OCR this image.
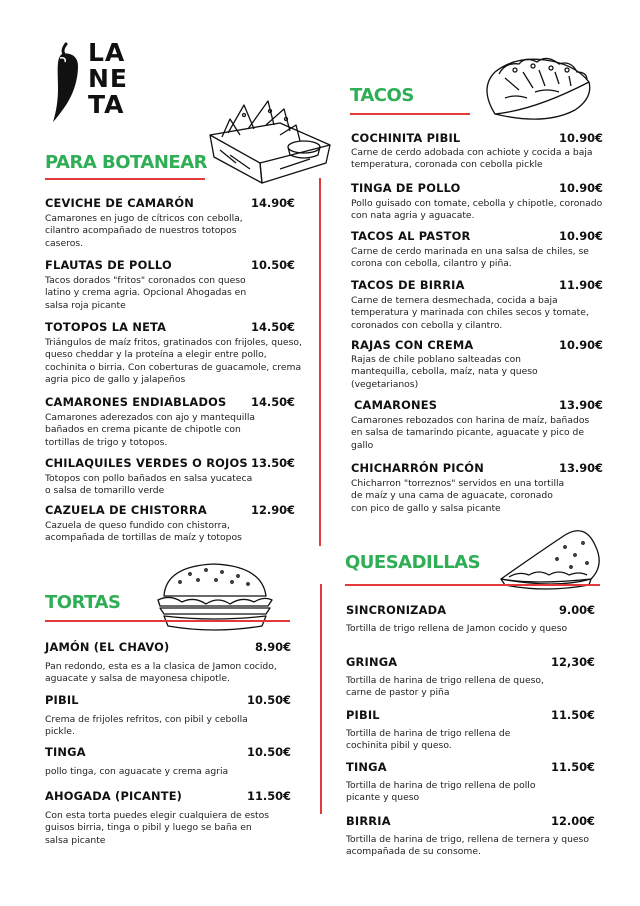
LA
NE
TA
PARA BOTANEAR
CEVICHE DE CAMARÓN	14.90€
Camarones en jugo de cítricos con cebolla, cilantro acompañado de nuestros totopos caseros.
FLAUTAS DE POLLO	10.50€
Tacos dorados "fritos" coronados con queso latino y crema agria. Opcional Ahogadas en salsa roja picante
TOTOPOS LA NETA	14.50€
Triángulos de maíz fritos, gratinados con frijoles, queso, queso cheddar y la proteína a elegir entre pollo, cochinita o birria. Con coberturas de guacamole, crema agria pico de gallo y jalapeños
CAMARONES ENDIABLADOS	14.50€
Camarones aderezados con ajo y mantequilla bañados en crema picante de chipotle con tortillas de trigo y totopos.
CHILAQUILES VERDES O ROJOS 13.50€
Totopos con pollo bañados en salsa yucateca o salsa de tomarillo verde
CAZUELA DE CHISTORRA	12.90€
Cazuela de queso fundido con chistorra, acompañada de tortillas de maíz y totopos
TORTAS
JAMÓN (EL CHAVO)	8.90€
Pan redondo, esta es a la clasica de Jamon cocido, aguacate y salsa de mayonesa chipotle.
PIBIL	10.50€
Crema de frijoles refritos, con pibil y cebolla pickle.
TINGA	10.50€
pollo tinga, con aguacate y crema agria
AHOGADA (PICANTE)	11.50€
Con esta torta puedes elegir cualquiera de estos guisos birria, tinga o pibil y luego se baña en salsa picante
TACOS
COCHINITA PIBIL	10.90€
Carne de cerdo adobada con achiote y cocida a baja temperatura, coronada con cebolla pickle
TINGA DE POLLO	10.90€
Pollo guisado con tomate, cebolla y chipotle, coronado con nata agria y aguacate.
TACOS AL PASTOR	10.90€
Carne de cerdo marinada en una salsa de chiles, se corona con cebolla, cilantro y piña.
TACOS DE BIRRIA	11.90€
Carne de ternera desmechada, cocida a baja temperatura y marinada con chiles secos y tomate, coronados con cebolla y cilantro.
RAJAS CON CREMA	10.90€
Rajas de chile poblano salteadas con mantequilla, cebolla, maíz, nata y queso (vegetarianos)
CAMARONES	13.90€
Camarones rebozados con harina de maíz, bañados en salsa de tamarindo picante, aguacate y pico de gallo
CHICHARRÓN PICÓN	13.90€
Chicharron "torreznos" servidos en una tortilla de maíz y una cama de aguacate, coronado con pico de gallo y salsa picante
QUESADILLAS
SINCRONIZADA	9.00€
Tortilla de trigo rellena de Jamon cocido y queso
GRINGA	12,30€
Tortilla de harina de trigo rellena de queso, carne de pastor y piña
PIBIL	11.50€
Tortilla de harina de trigo rellena de cochinita pibil y queso.
TINGA	11.50€
Tortilla de harina de trigo rellena de pollo picante y queso
BIRRIA	12.00€
Tortilla de harina de trigo, rellena de ternera y queso acompañada de su consome.
